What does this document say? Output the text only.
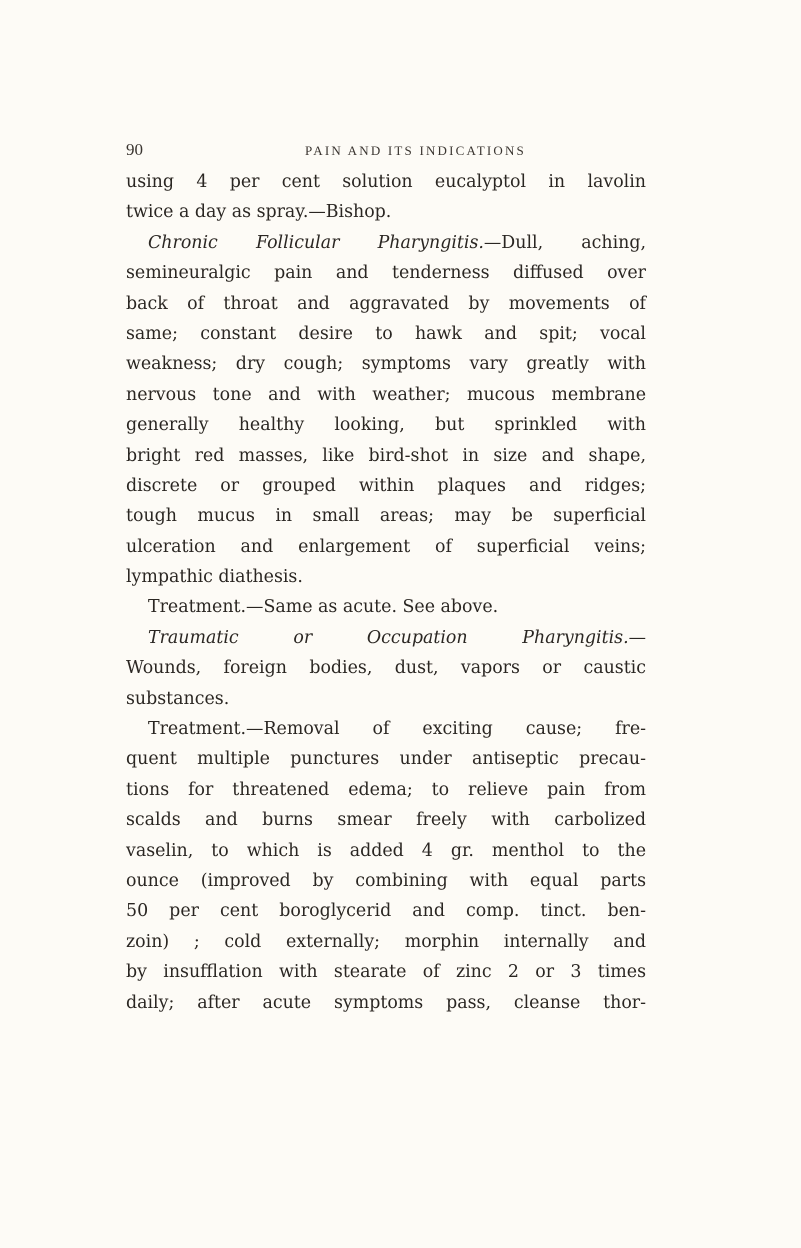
90	PAIN AND ITS INDICATIONS
using 4 per cent solution eucalyptol in lavolin
twice a day as spray.—Bishop.
Chronic Follicular Pharyngitis.—Dull, aching,
semineuralgic pain and tenderness diffused over
back of throat and aggravated by movements of
same; constant desire to hawk and spit; vocal
weakness; dry cough; symptoms vary greatly with
nervous tone and with weather; mucous membrane
generally healthy looking, but sprinkled with
bright red masses, like bird-shot in size and shape,
discrete or grouped within plaques and ridges;
tough mucus in small areas; may be superficial
ulceration and enlargement of superficial veins;
lympathic diathesis.
Treatment.—Same as acute. See above.
Traumatic or Occupation Pharyngitis.—
Wounds, foreign bodies, dust, vapors or caustic
substances.
Treatment.—Removal of exciting cause; fre-
quent multiple punctures under antiseptic precau-
tions for threatened edema; to relieve pain from
scalds and burns smear freely with carbolized
vaselin, to which is added 4 gr. menthol to the
ounce (improved by combining with equal parts
50 per cent boroglycerid and comp. tinct. ben-
zoin) ; cold externally; morphin internally and
by insufflation with stearate of zinc 2 or 3 times
daily; after acute symptoms pass, cleanse thor-
